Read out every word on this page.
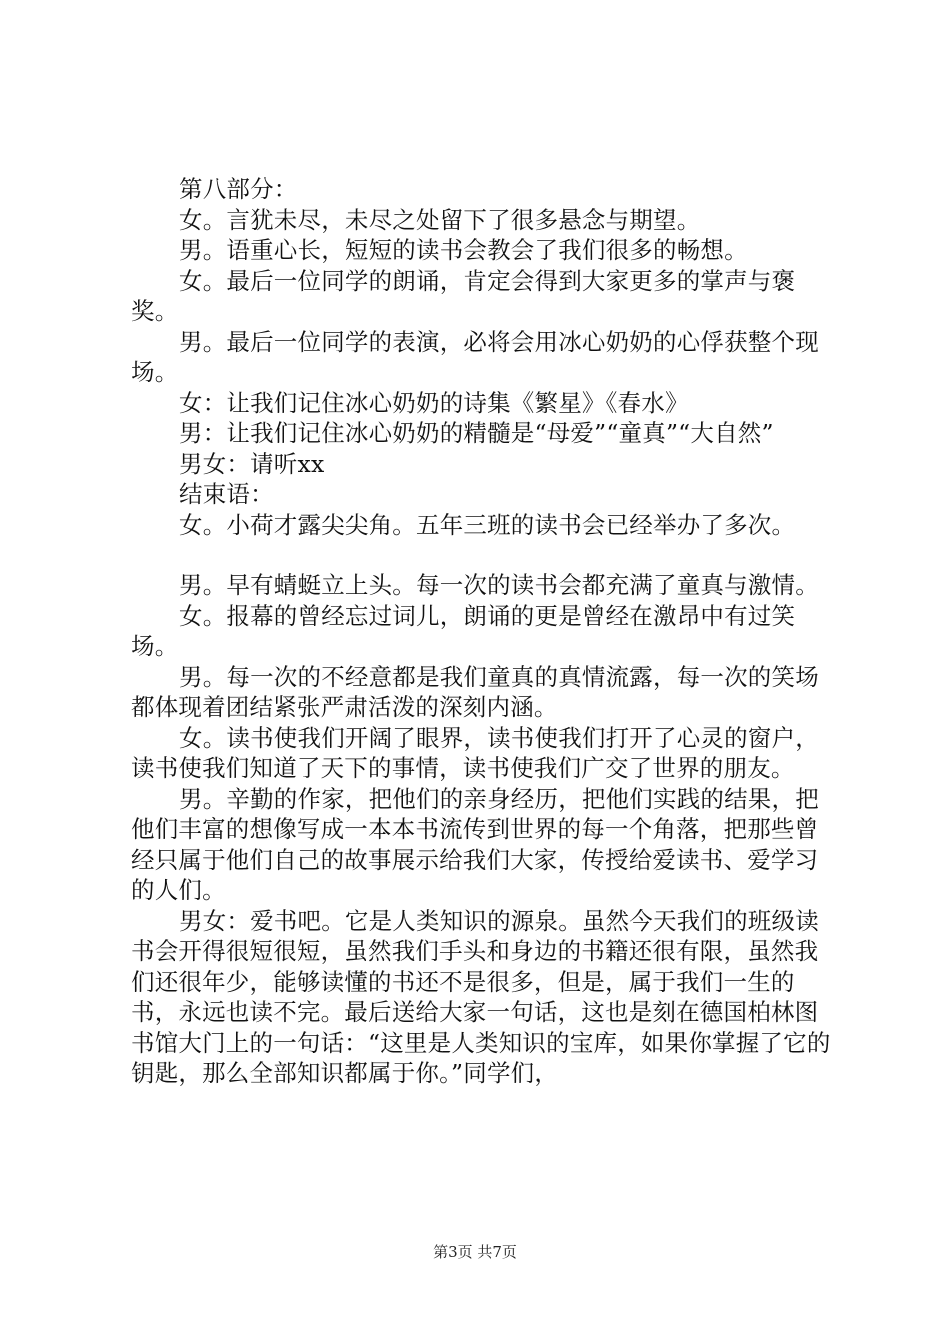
第八部分：

女。言犹未尽，未尽之处留下了很多悬念与期望。

男。语重心长，短短的读书会教会了我们很多的畅想。

女。最后一位同学的朗诵，肯定会得到大家更多的掌声与褒奖。

男。最后一位同学的表演，必将会用冰心奶奶的心俘获整个现场。

女：让我们记住冰心奶奶的诗集《繁星》《春水》

男：让我们记住冰心奶奶的精髓是“母爱”“童真”“大自然”

男女：请听xx

结束语：

女。小荷才露尖尖角。五年三班的读书会已经举办了多次。

男。早有蜻蜓立上头。每一次的读书会都充满了童真与激情。

女。报幕的曾经忘过词儿，朗诵的更是曾经在激昂中有过笑场。

男。每一次的不经意都是我们童真的真情流露，每一次的笑场都体现着团结紧张严肃活泼的深刻内涵。

女。读书使我们开阔了眼界，读书使我们打开了心灵的窗户，读书使我们知道了天下的事情，读书使我们广交了世界的朋友。

男。辛勤的作家，把他们的亲身经历，把他们实践的结果，把他们丰富的想像写成一本本书流传到世界的每一个角落，把那些曾经只属于他们自己的故事展示给我们大家，传授给爱读书、爱学习的人们。

男女：爱书吧。它是人类知识的源泉。虽然今天我们的班级读书会开得很短很短，虽然我们手头和身边的书籍还很有限，虽然我们还很年少，能够读懂的书还不是很多，但是，属于我们一生的书，永远也读不完。最后送给大家一句话，这也是刻在德国柏林图书馆大门上的一句话：“这里是人类知识的宝库，如果你掌握了它的钥匙，那么全部知识都属于你。”同学们，

第3页 共7页
